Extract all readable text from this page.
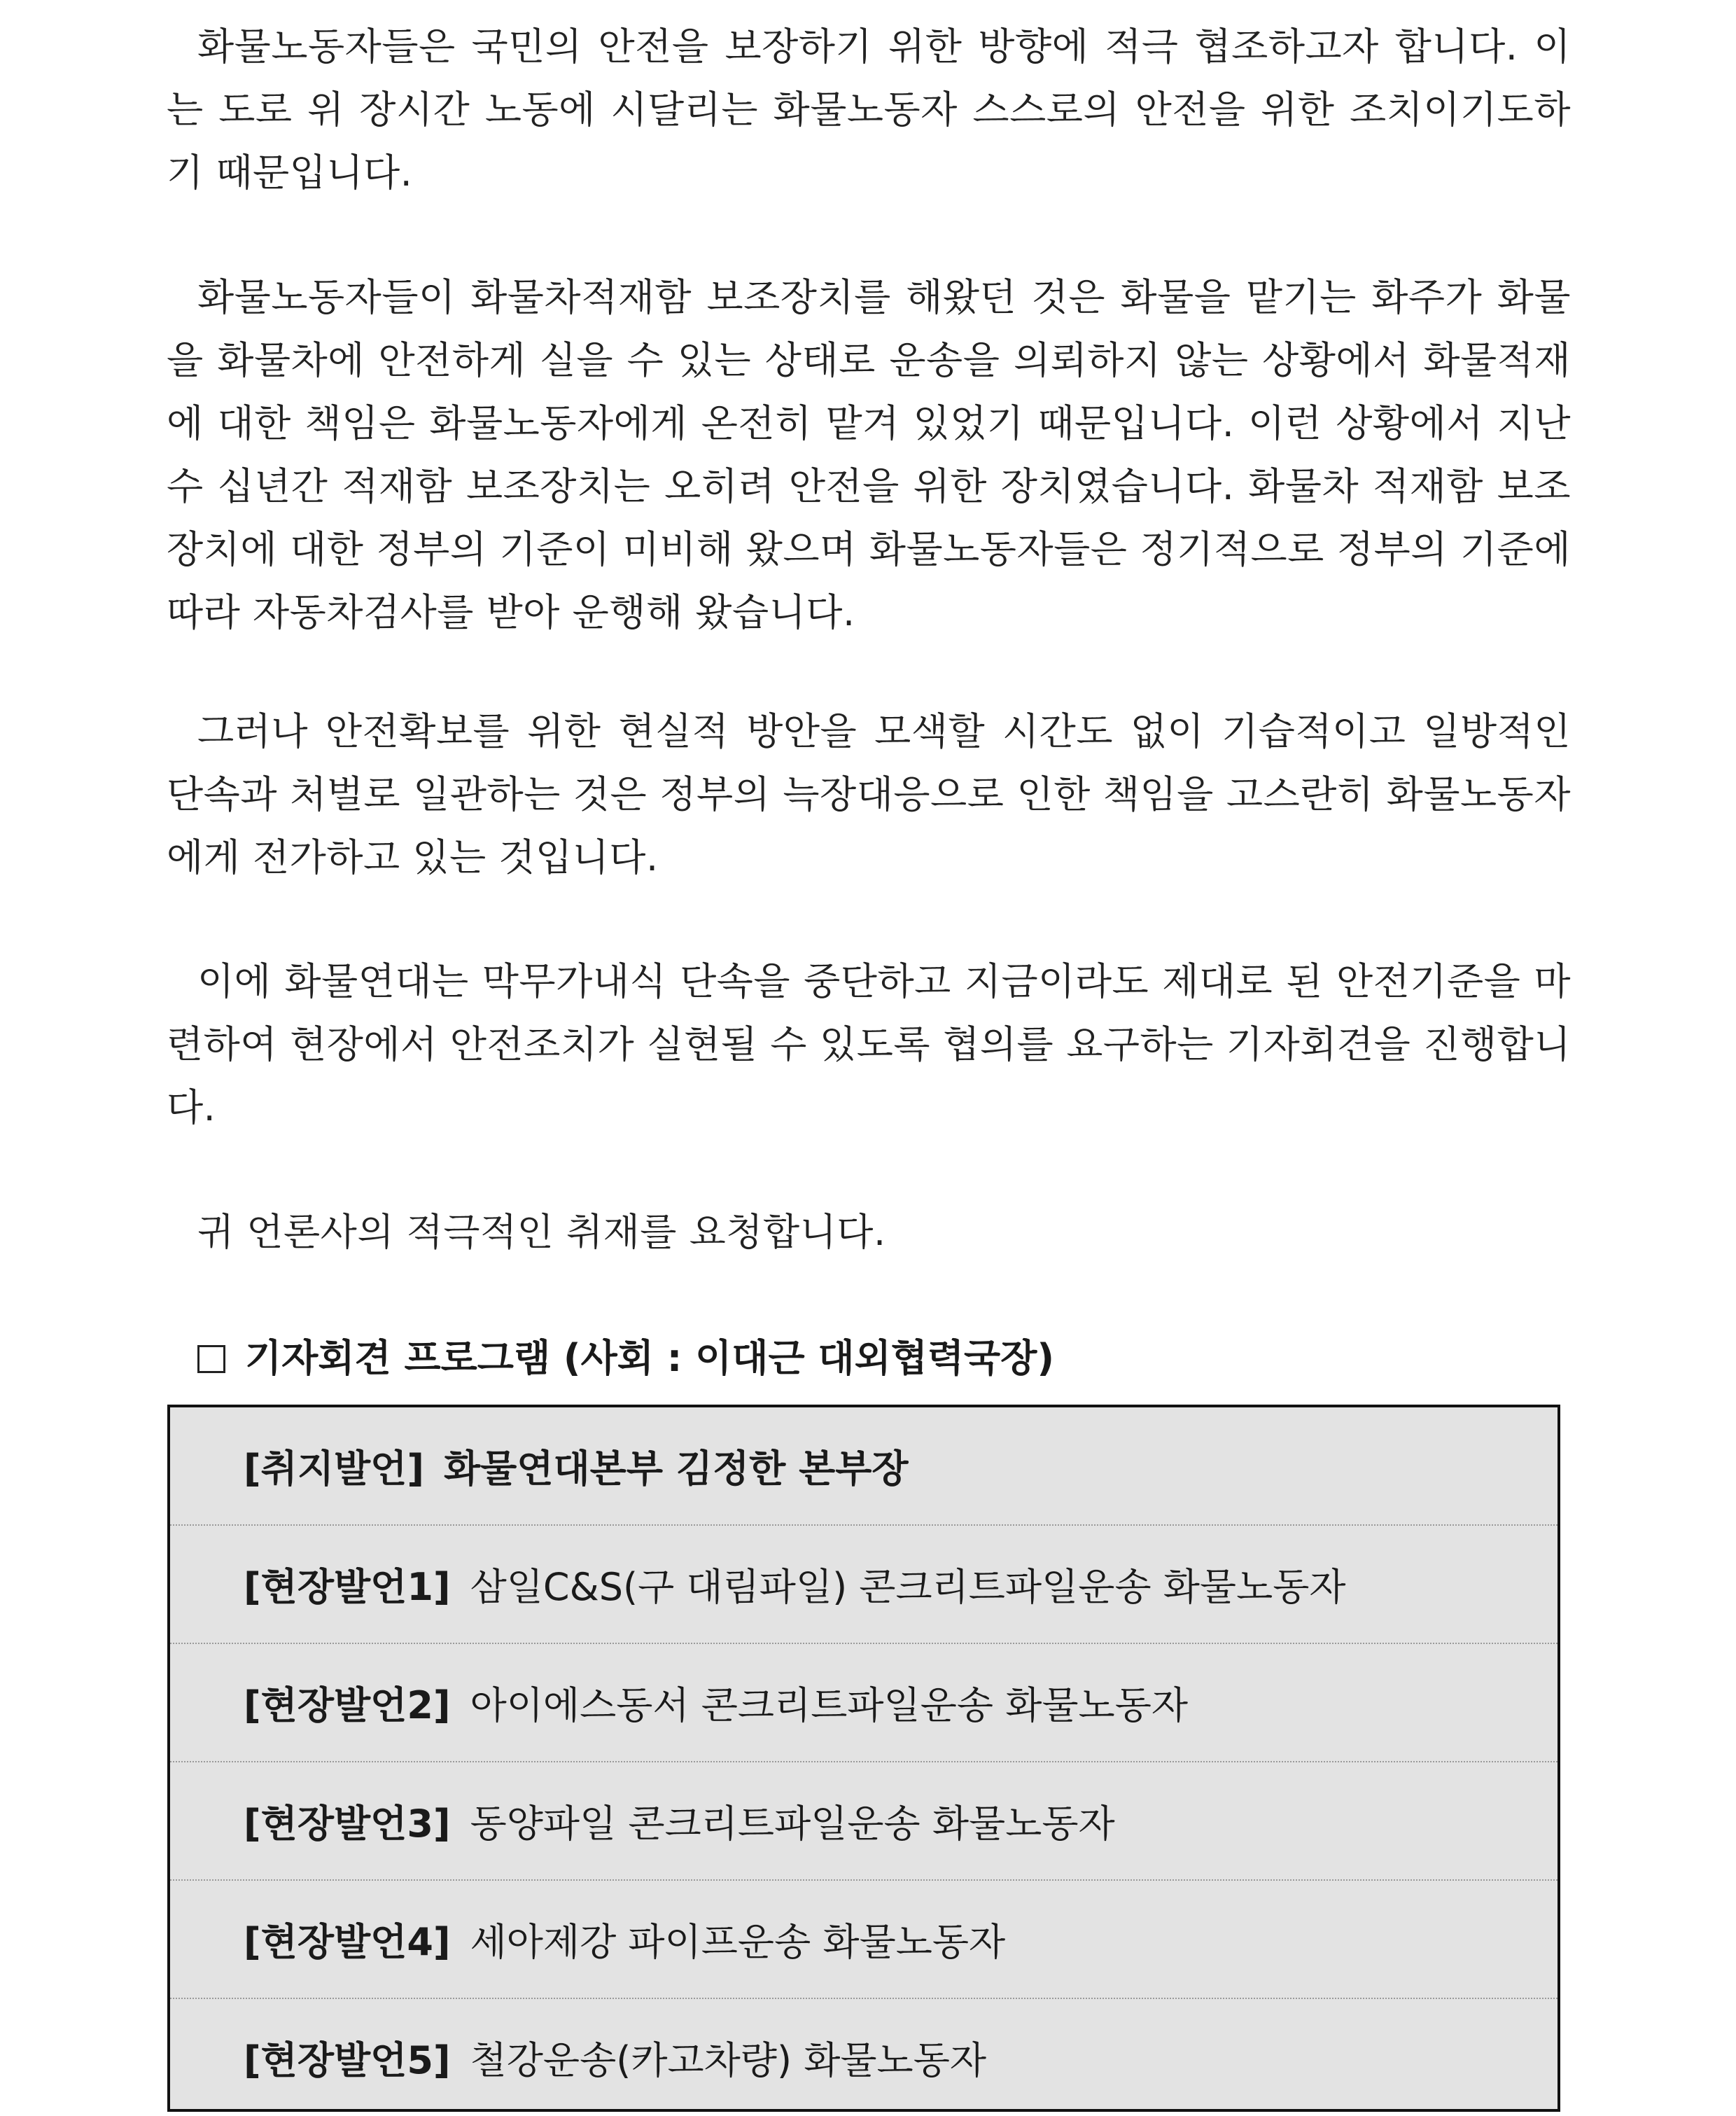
화물노동자들은 국민의 안전을 보장하기 위한 방향에 적극 협조하고자 합니다. 이는 도로 위 장시간 노동에 시달리는 화물노동자 스스로의 안전을 위한 조치이기도하기 때문입니다.

화물노동자들이 화물차적재함 보조장치를 해왔던 것은 화물을 맡기는 화주가 화물을 화물차에 안전하게 실을 수 있는 상태로 운송을 의뢰하지 않는 상황에서 화물적재에 대한 책임은 화물노동자에게 온전히 맡겨 있었기 때문입니다. 이런 상황에서 지난 수 십년간 적재함 보조장치는 오히려 안전을 위한 장치였습니다. 화물차 적재함 보조장치에 대한 정부의 기준이 미비해 왔으며 화물노동자들은 정기적으로 정부의 기준에 따라 자동차검사를 받아 운행해 왔습니다.

그러나 안전확보를 위한 현실적 방안을 모색할 시간도 없이 기습적이고 일방적인 단속과 처벌로 일관하는 것은 정부의 늑장대응으로 인한 책임을 고스란히 화물노동자에게 전가하고 있는 것입니다.

이에 화물연대는 막무가내식 단속을 중단하고 지금이라도 제대로 된 안전기준을 마련하여 현장에서 안전조치가 실현될 수 있도록 협의를 요구하는 기자회견을 진행합니다.

귀 언론사의 적극적인 취재를 요청합니다.

기자회견 프로그램 (사회 : 이대근 대외협력국장)
[취지발언] 화물연대본부 김정한 본부장
[현장발언1] 삼일C&S(구 대림파일) 콘크리트파일운송 화물노동자
[현장발언2] 아이에스동서 콘크리트파일운송 화물노동자
[현장발언3] 동양파일 콘크리트파일운송 화물노동자
[현장발언4] 세아제강 파이프운송 화물노동자
[현장발언5] 철강운송(카고차량) 화물노동자
